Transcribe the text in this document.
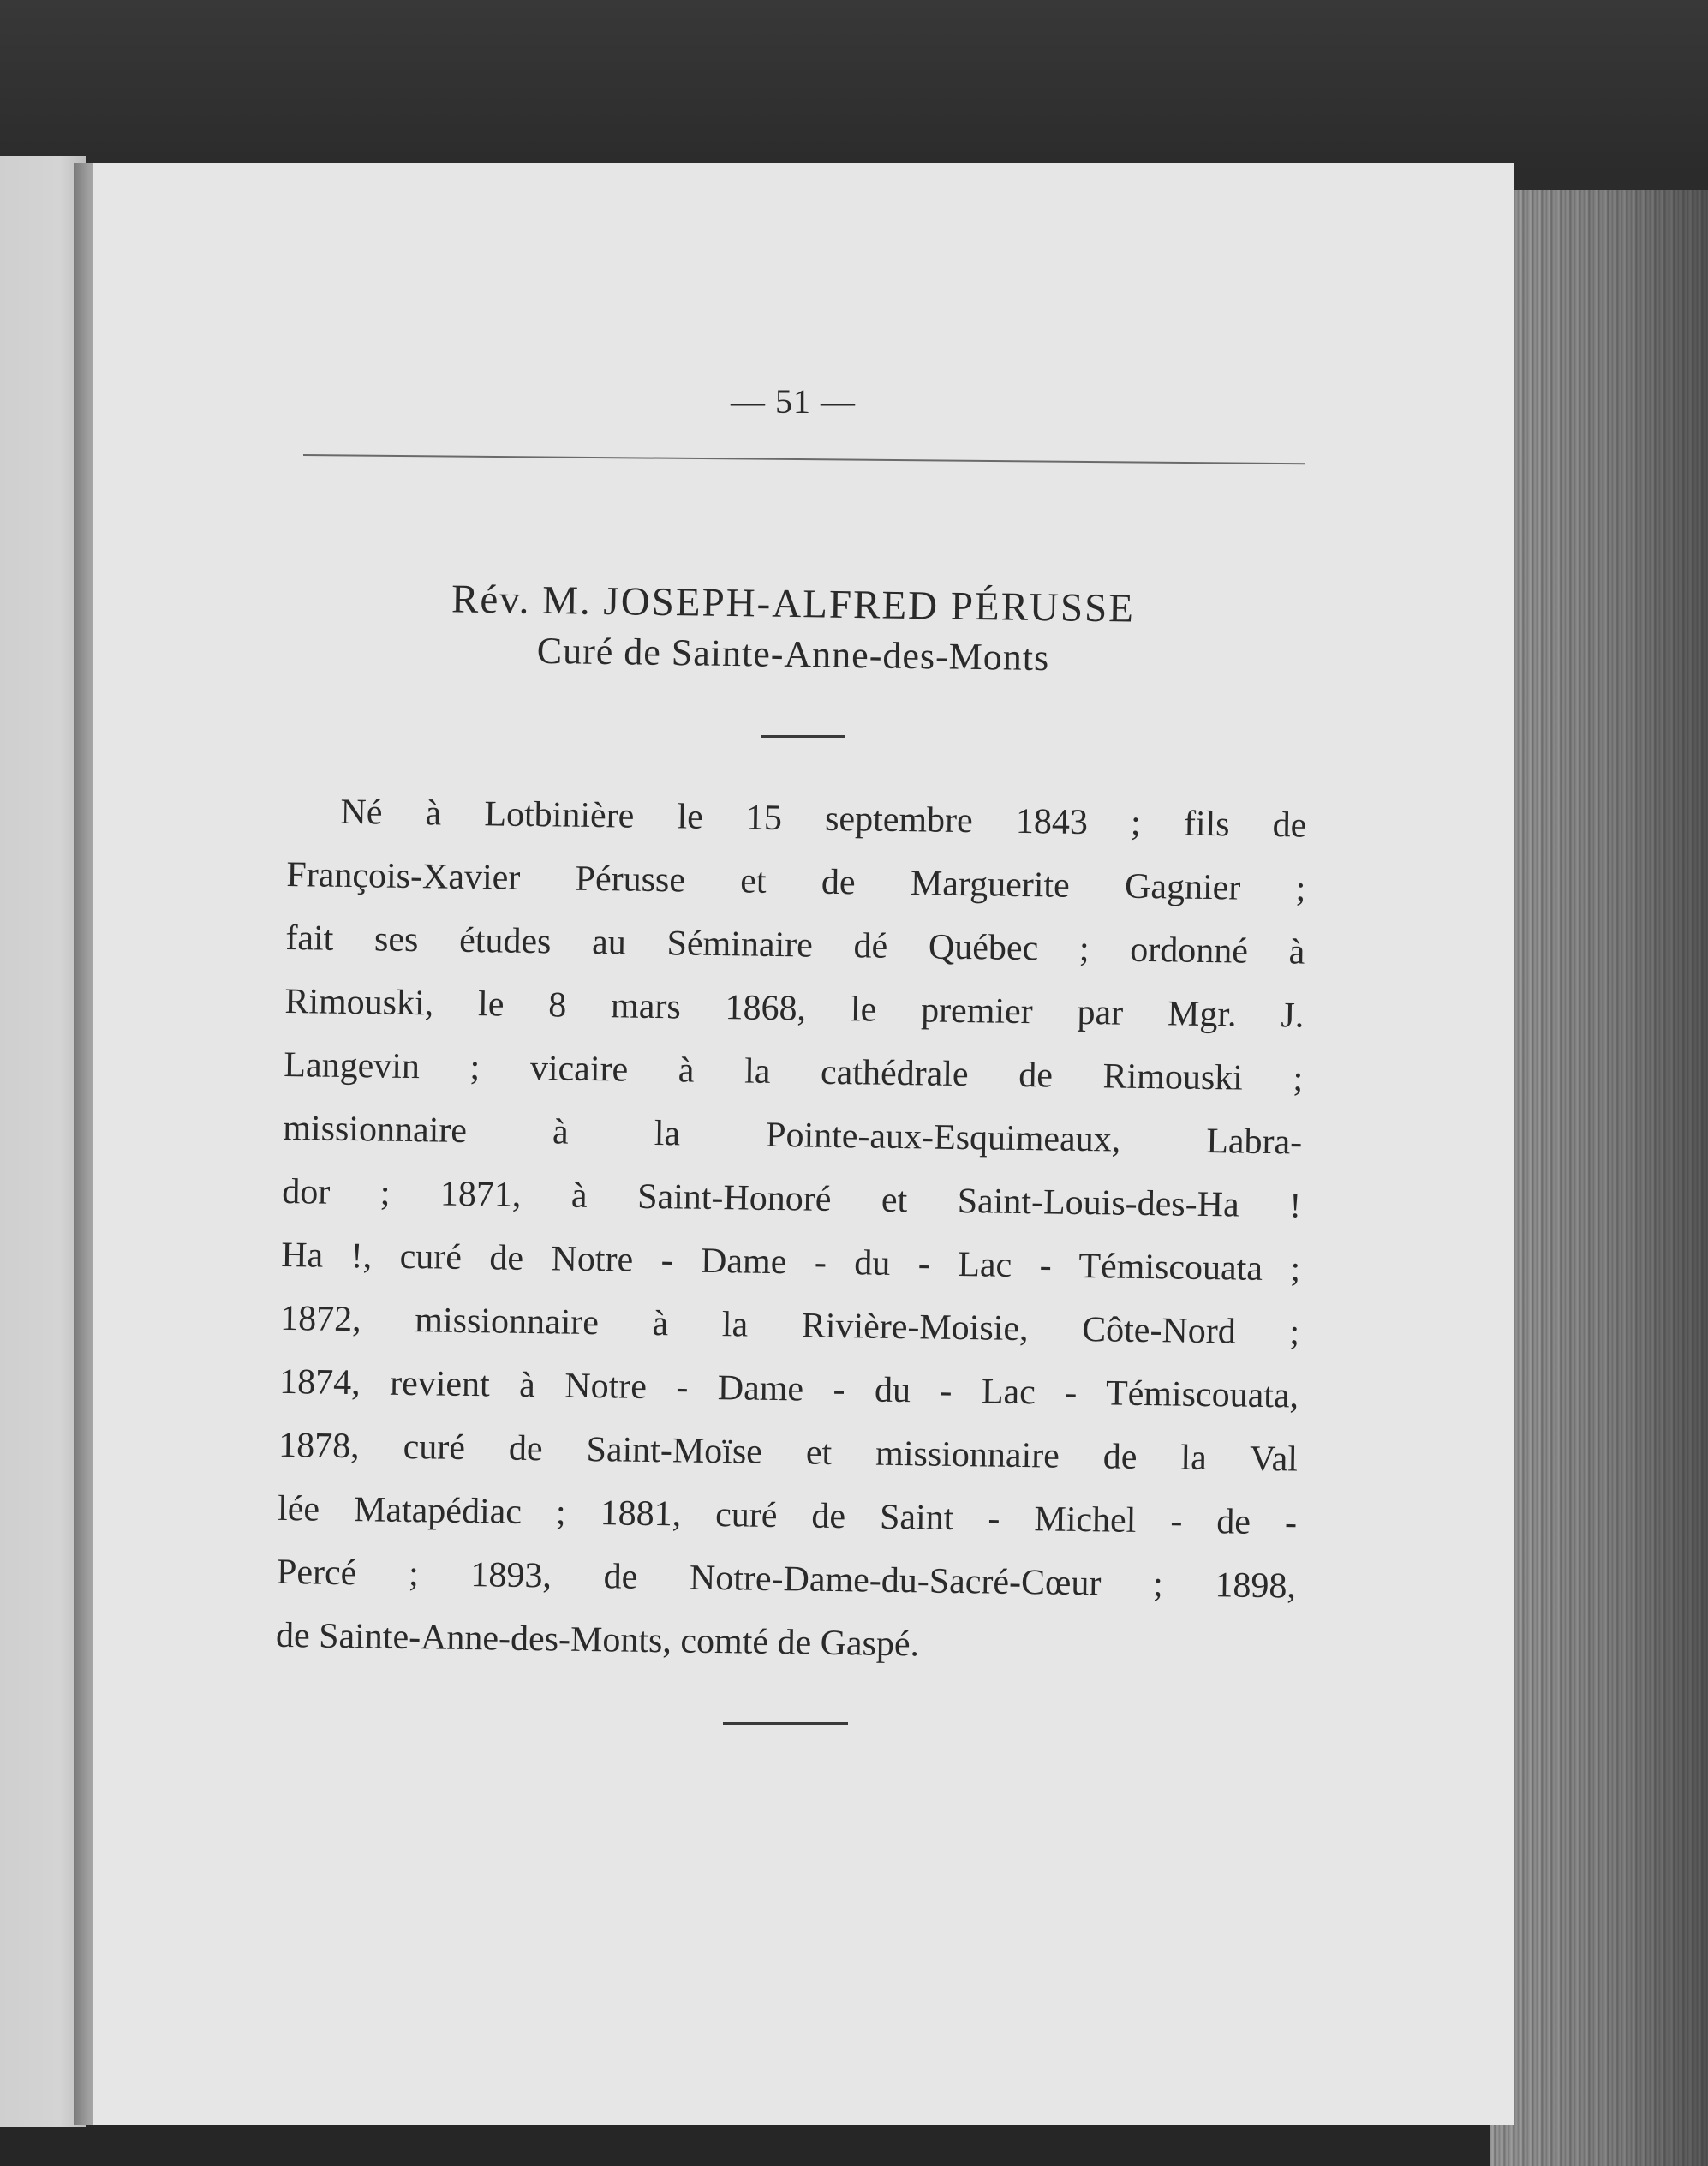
— 51 —
Rév. M. JOSEPH-ALFRED PÉRUSSE
Curé de Sainte-Anne-des-Monts
Né à Lotbinière le 15 septembre 1843 ; fils de
François-Xavier Pérusse et de Marguerite Gagnier ;
fait ses études au Séminaire dé Québec ; ordonné à
Rimouski, le 8 mars 1868, le premier par Mgr. J.
Langevin ; vicaire à la cathédrale de Rimouski ;
missionnaire à la Pointe-aux-Esquimeaux, Labra-
dor ; 1871, à Saint-Honoré et Saint-Louis-des-Ha !
Ha !, curé de Notre - Dame - du - Lac - Témiscouata ;
1872, missionnaire à la Rivière-Moisie, Côte-Nord ;
1874, revient à Notre - Dame - du - Lac - Témiscouata,
1878, curé de Saint-Moïse et missionnaire de la Val
lée Matapédiac ; 1881, curé de Saint - Michel - de -
Percé ; 1893, de Notre-Dame-du-Sacré-Cœur ; 1898,
de Sainte-Anne-des-Monts, comté de Gaspé.
